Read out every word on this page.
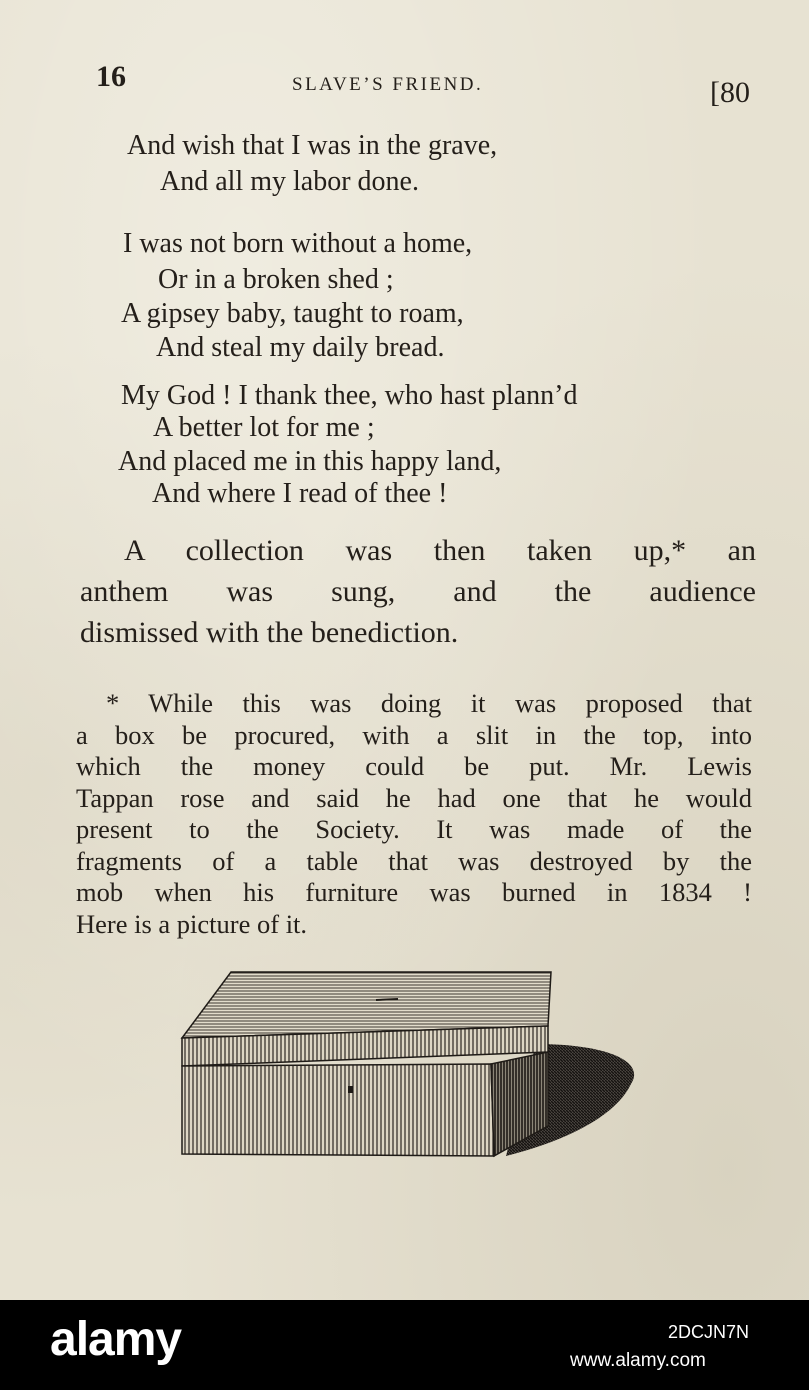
16	SLAVE’S FRIEND.	[80
And wish that I was in the grave,
And all my labor done.
I was not born without a home,
Or in a broken shed ;
A gipsey baby, taught to roam,
And steal my daily bread.
My God ! I thank thee, who hast plann’d
A better lot for me ;
And placed me in this happy land,
And where I read of thee !
A collection was then taken up,* an
anthem was sung, and the audience
dismissed with the benediction.
* While this was doing it was proposed that
a box be procured, with a slit in the top, into
which the money could be put. Mr. Lewis
Tappan rose and said he had one that he would
present to the Society. It was made of the
fragments of a table that was destroyed by the
mob when his furniture was burned in 1834 !
Here is a picture of it.
alamy	2DCJN7N
www.alamy.com
